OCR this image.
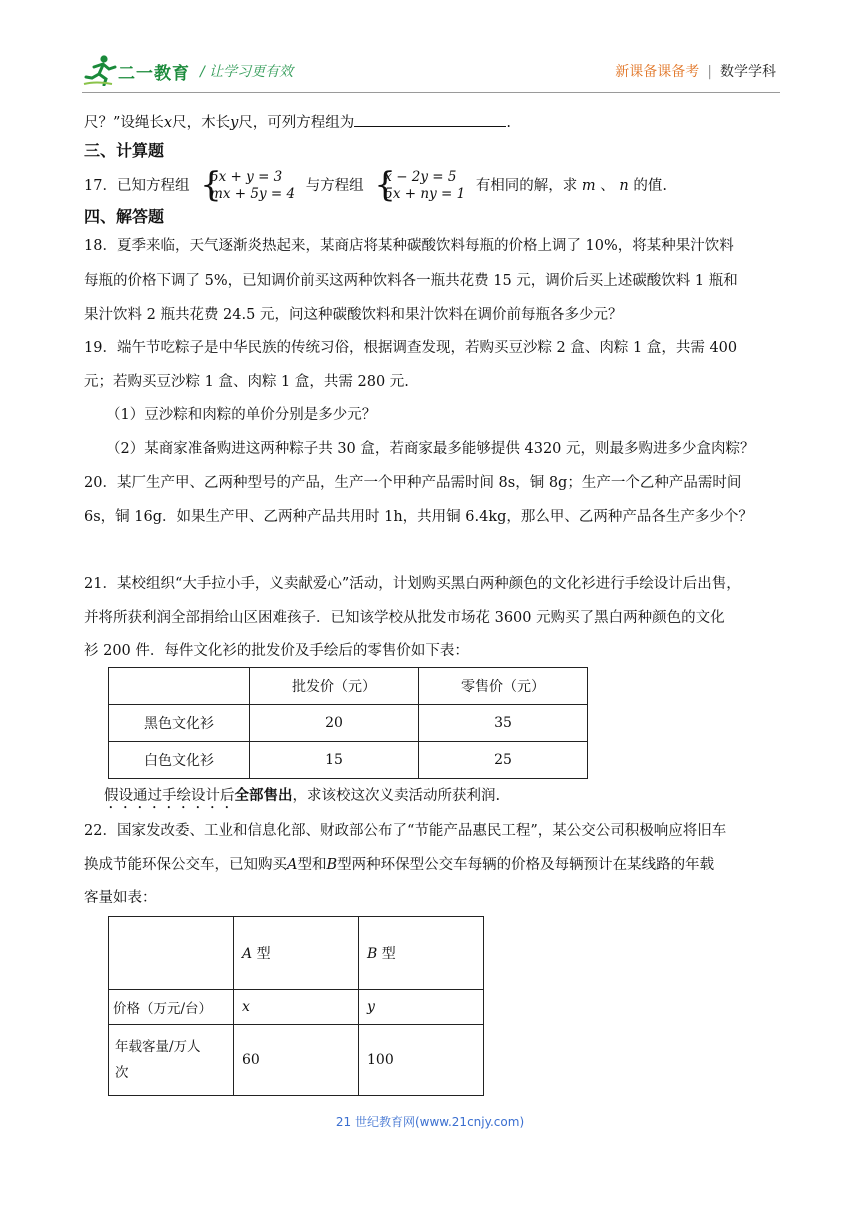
二一教育 / 让学习更有效	新课备课备考 | 数学学科
尺？”设绳长x尺，木长y尺，可列方程组为	.
三、计算题
17．已知方程组 {
5x + y = 3
mx + 5y = 4 与方程组 {
x − 2y = 5
5x + ny = 1 有相同的解，求 m 、 n 的值.
四、解答题
18．夏季来临，天气逐渐炎热起来，某商店将某种碳酸饮料每瓶的价格上调了 10%，将某种果汁饮料
每瓶的价格下调了 5%，已知调价前买这两种饮料各一瓶共花费 15 元，调价后买上述碳酸饮料 1 瓶和
果汁饮料 2 瓶共花费 24.5 元，问这种碳酸饮料和果汁饮料在调价前每瓶各多少元？
19．端午节吃粽子是中华民族的传统习俗，根据调查发现，若购买豆沙粽 2 盒、肉粽 1 盒，共需 400
元；若购买豆沙粽 1 盒、肉粽 1 盒，共需 280 元.
（1）豆沙粽和肉粽的单价分别是多少元？
（2）某商家准备购进这两种粽子共 30 盒，若商家最多能够提供 4320 元，则最多购进多少盒肉粽？
20．某厂生产甲、乙两种型号的产品，生产一个甲种产品需时间 8s，铜 8g；生产一个乙种产品需时间
6s，铜 16g．如果生产甲、乙两种产品共用时 1h，共用铜 6.4kg，那么甲、乙两种产品各生产多少个？
21．某校组织“大手拉小手，义卖献爱心”活动，计划购买黑白两种颜色的文化衫进行手绘设计后出售，
并将所获利润全部捐给山区困难孩子．已知该学校从批发市场花 3600 元购买了黑白两种颜色的文化
衫 200 件．每件文化衫的批发价及手绘后的零售价如下表：
	批发价（元）	零售价（元）
黑色文化衫	20	35
白色文化衫	15	25
假设通过手绘设计后全部售出，求该校这次义卖活动所获利润.
22．国家发改委、工业和信息化部、财政部公布了“节能产品惠民工程”，某公交公司积极响应将旧车
换成节能环保公交车，已知购买A型和B型两种环保型公交车每辆的价格及每辆预计在某线路的年载
客量如表：
	A 型	B 型
价格（万元/台）	x	y

年载客量/万人
次	60	100
21 世纪教育网(www.21cnjy.com)
